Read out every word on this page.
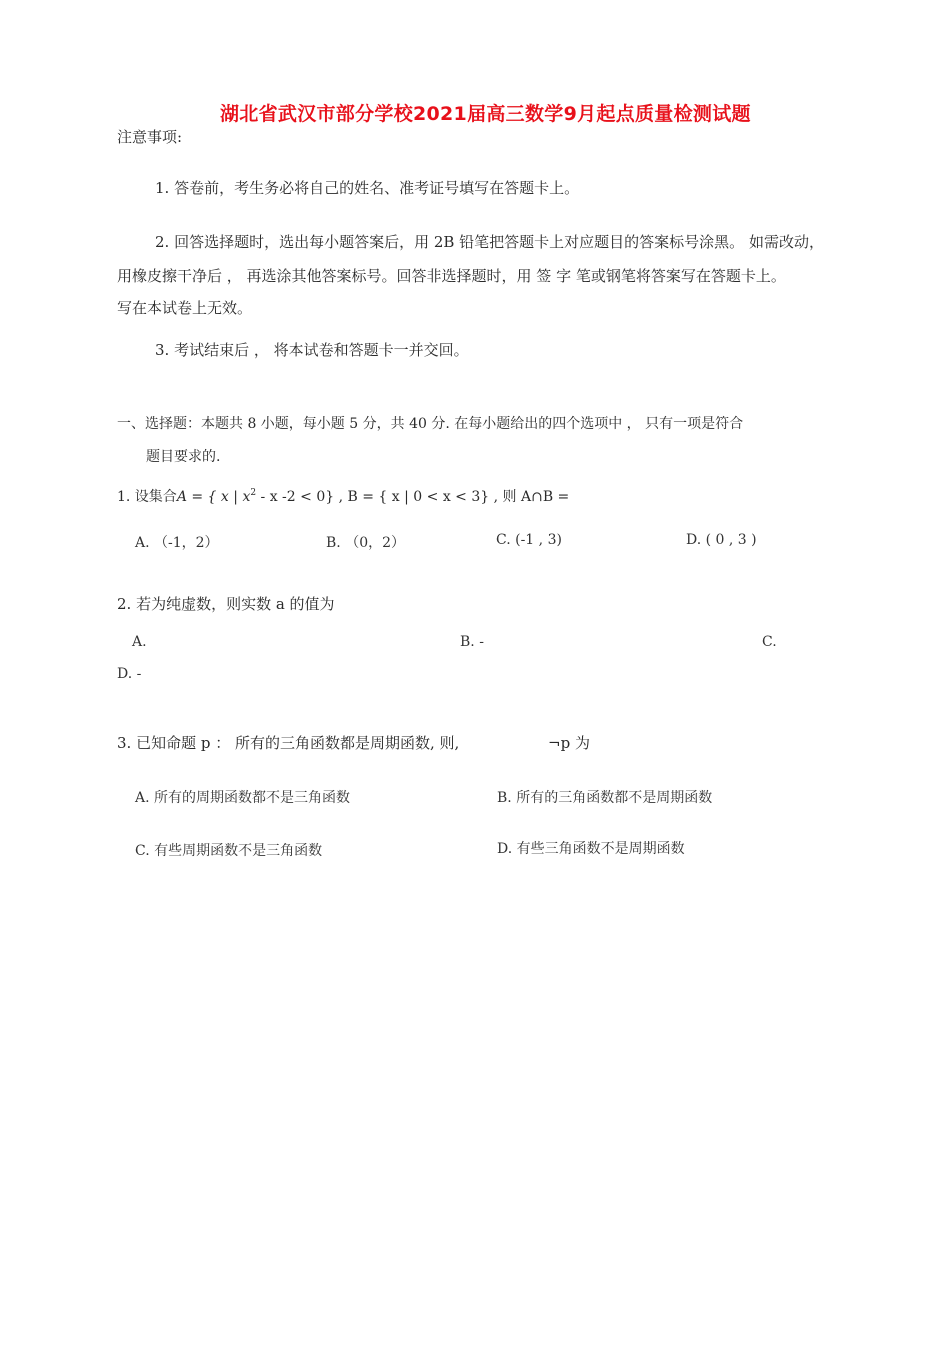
湖北省武汉市部分学校2021届高三数学9月起点质量检测试题
注意事项:
1. 答卷前，考生务必将自己的姓名、准考证号填写在答题卡上。
2. 回答选择题时，选出每小题答案后，用 2B 铅笔把答题卡上对应题目的答案标号涂黑。 如需改动，
用橡皮擦干净后 ， 再选涂其他答案标号。回答非选择题时，用 签 字 笔或钢笔将答案写在答题卡上。
写在本试卷上无效。
3. 考试结束后 ， 将本试卷和答题卡一并交回。
一、选择题：本题共 8 小题，每小题 5 分，共 40 分. 在每小题给出的四个选项中 ， 只有一项是符合
题目要求的.
1. 设集合A = { x | $x^2$ - x -2 < 0} , B = { x | 0 < x < 3} , 则 A∩B =
A. （-1，2）	B. （0，2）	C. (-1 , 3)	D. ( 0 , 3 )
2. 若为纯虚数，则实数 a 的值为
A.	B. -	C.
D. -
3. 已知命题 p ： 所有的三角函数都是周期函数, 则,	¬p 为
A. 所有的周期函数都不是三角函数	B. 所有的三角函数都不是周期函数
C. 有些周期函数不是三角函数	D. 有些三角函数不是周期函数
